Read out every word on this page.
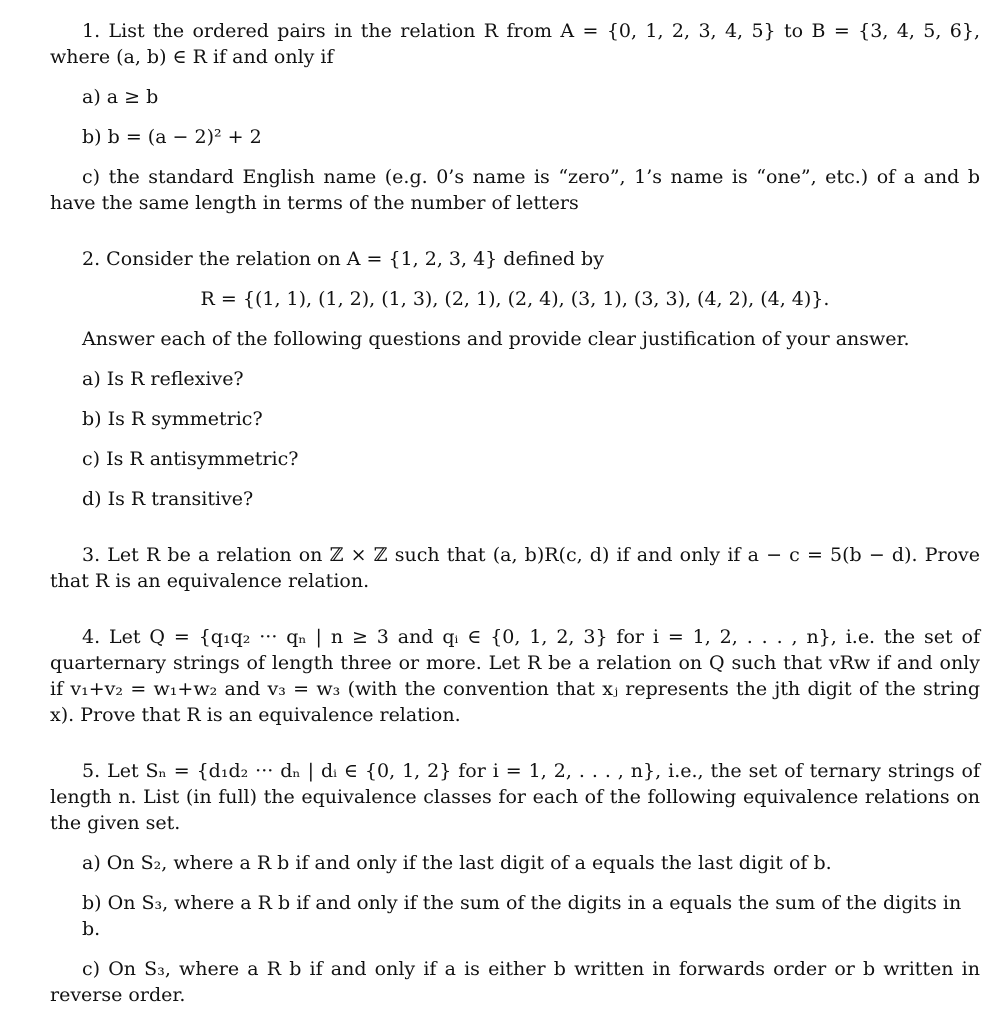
1. List the ordered pairs in the relation R from A = {0, 1, 2, 3, 4, 5} to B = {3, 4, 5, 6}, where (a, b) ∈ R if and only if

a) a ≥ b

b) b = (a − 2)² + 2

c) the standard English name (e.g. 0’s name is “zero”, 1’s name is “one”, etc.) of a and b have the same length in terms of the number of letters

2. Consider the relation on A = {1, 2, 3, 4} defined by

R = {(1, 1), (1, 2), (1, 3), (2, 1), (2, 4), (3, 1), (3, 3), (4, 2), (4, 4)}.

Answer each of the following questions and provide clear justification of your answer.

a) Is R reflexive?

b) Is R symmetric?

c) Is R antisymmetric?

d) Is R transitive?

3. Let R be a relation on ℤ × ℤ such that (a, b)R(c, d) if and only if a − c = 5(b − d). Prove that R is an equivalence relation.

4. Let Q = {q₁q₂ ··· qₙ | n ≥ 3 and qᵢ ∈ {0, 1, 2, 3} for i = 1, 2, . . . , n}, i.e. the set of quarternary strings of length three or more. Let R be a relation on Q such that vRw if and only if v₁+v₂ = w₁+w₂ and v₃ = w₃ (with the convention that xⱼ represents the jth digit of the string x). Prove that R is an equivalence relation.

5. Let Sₙ = {d₁d₂ ··· dₙ | dᵢ ∈ {0, 1, 2} for i = 1, 2, . . . , n}, i.e., the set of ternary strings of length n. List (in full) the equivalence classes for each of the following equivalence relations on the given set.

a) On S₂, where a R b if and only if the last digit of a equals the last digit of b.

b) On S₃, where a R b if and only if the sum of the digits in a equals the sum of the digits in b.

c) On S₃, where a R b if and only if a is either b written in forwards order or b written in reverse order.
